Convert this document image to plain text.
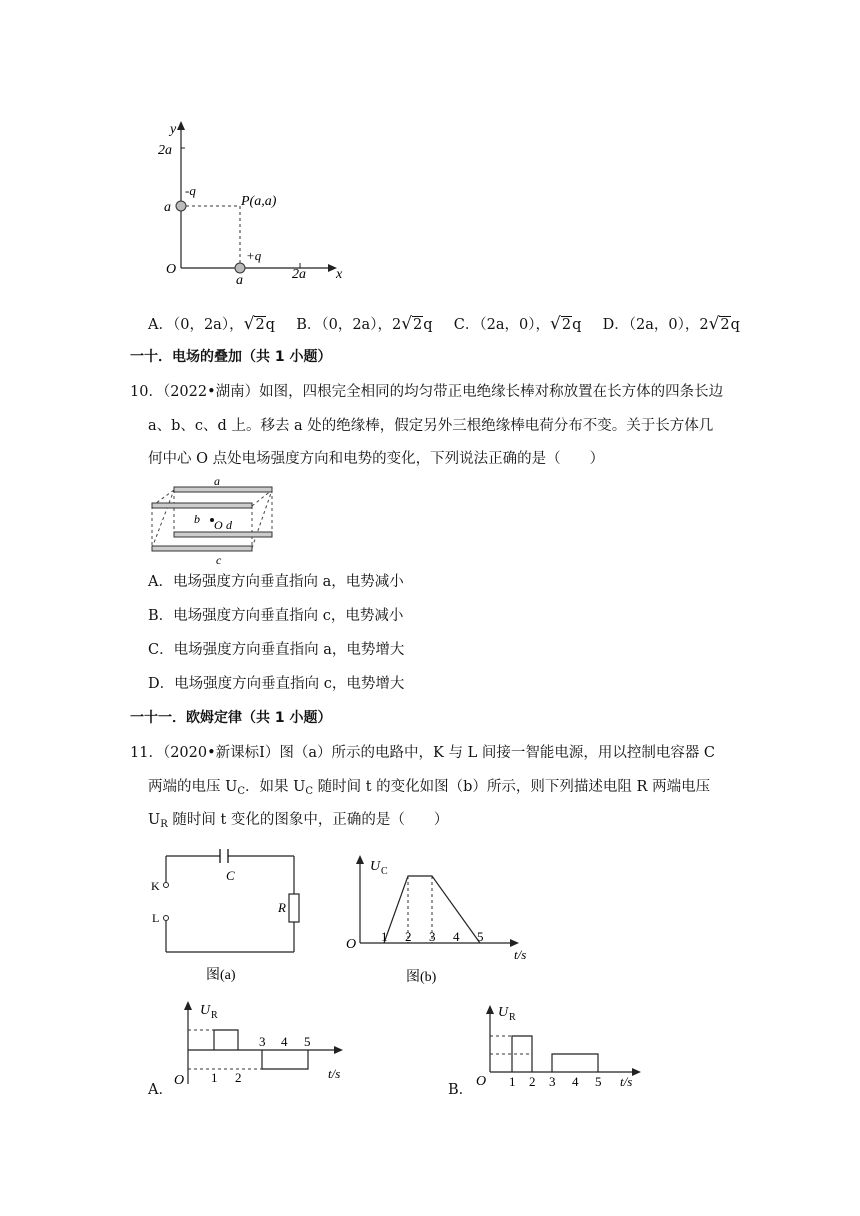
y
2a
a
O
a	2a x
-q
+q
P(a,a)
A．（0，2a），√2q B．（0，2a），2√2q C．（2a，0），√2q D．（2a，0），2√2q
一十．电场的叠加（共 1 小题）
10．（2022•湖南）如图，四根完全相同的均匀带正电绝缘长棒对称放置在长方体的四条长边
a、b、c、d 上。移去 a 处的绝缘棒，假定另外三根绝缘棒电荷分布不变。关于长方体几
何中心 O 点处电场强度方向和电势的变化，下列说法正确的是（　　）
a
b O d
c
A．电场强度方向垂直指向 a，电势减小
B．电场强度方向垂直指向 c，电势减小
C．电场强度方向垂直指向 a，电势增大
D．电场强度方向垂直指向 c，电势增大
一十一．欧姆定律（共 1 小题）
11．（2020•新课标Ⅰ）图（a）所示的电路中，K 与 L 间接一智能电源，用以控制电容器 C
两端的电压 $U_C$．如果 $U_C$ 随时间 t 的变化如图（b）所示，则下列描述电阻 R 两端电压
$U_R$ 随时间 t 变化的图象中，正确的是（　　）
K
L
C
R
图(a)
U C
O
1 2 3 4 5
t/s
图(b)
A．
U R
O 1 2
3 4 5
t/s
B．
U R
O 1 2 3 4 5 t/s
